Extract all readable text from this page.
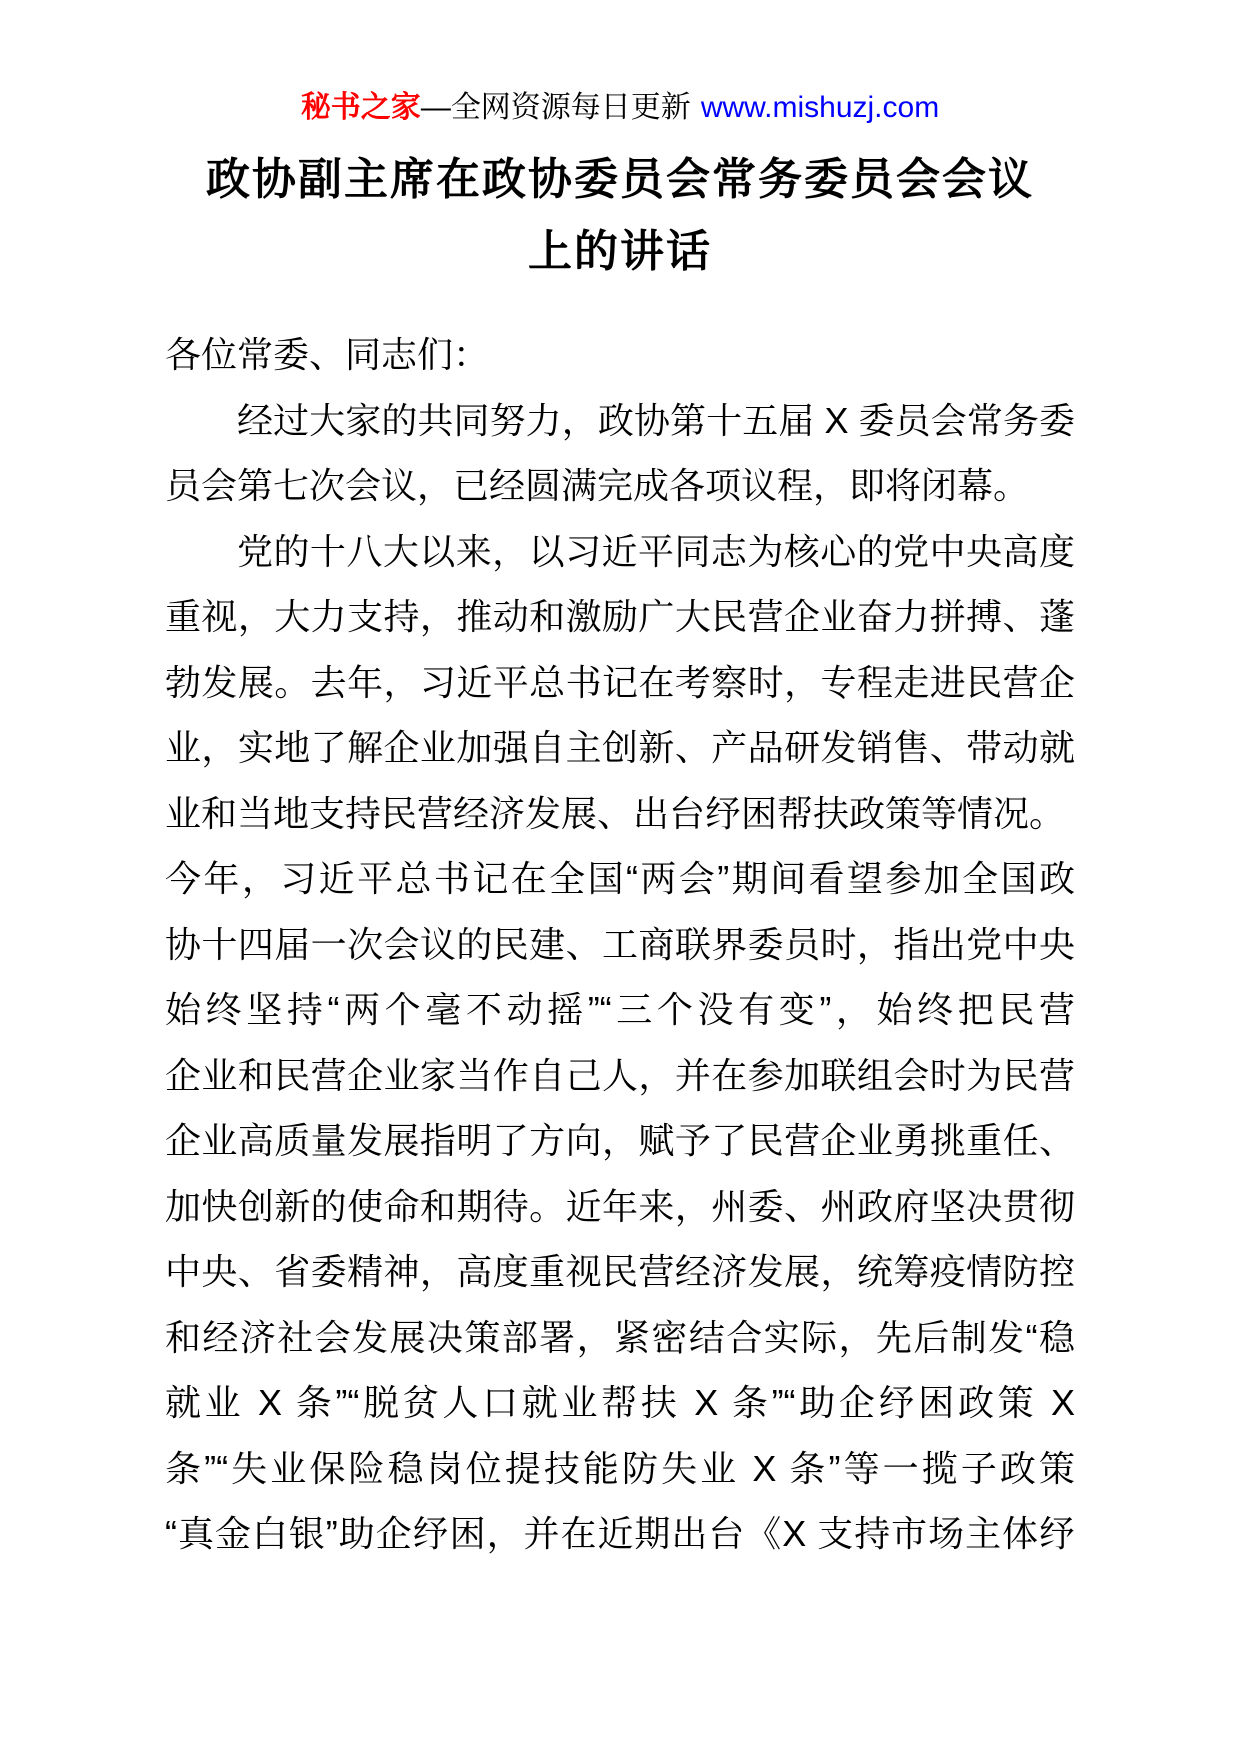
秘书之家—全网资源每日更新 www.mishuzj.com
政协副主席在政协委员会常务委员会会议
上的讲话
各位常委、同志们：
经过大家的共同努力，政协第十五届 X 委员会常务委
员会第七次会议，已经圆满完成各项议程，即将闭幕。
党的十八大以来，以习近平同志为核心的党中央高度
重视，大力支持，推动和激励广大民营企业奋力拼搏、蓬
勃发展。去年，习近平总书记在考察时，专程走进民营企
业，实地了解企业加强自主创新、产品研发销售、带动就
业和当地支持民营经济发展、出台纾困帮扶政策等情况。
今年，习近平总书记在全国“两会”期间看望参加全国政
协十四届一次会议的民建、工商联界委员时，指出党中央
始终坚持“两个毫不动摇”“三个没有变”，始终把民营
企业和民营企业家当作自己人，并在参加联组会时为民营
企业高质量发展指明了方向，赋予了民营企业勇挑重任、
加快创新的使命和期待。近年来，州委、州政府坚决贯彻
中央、省委精神，高度重视民营经济发展，统筹疫情防控
和经济社会发展决策部署，紧密结合实际，先后制发“稳
就业 X 条”“脱贫人口就业帮扶 X 条”“助企纾困政策 X
条”“失业保险稳岗位提技能防失业 X 条”等一揽子政策
“真金白银”助企纾困，并在近期出台《X 支持市场主体纾
